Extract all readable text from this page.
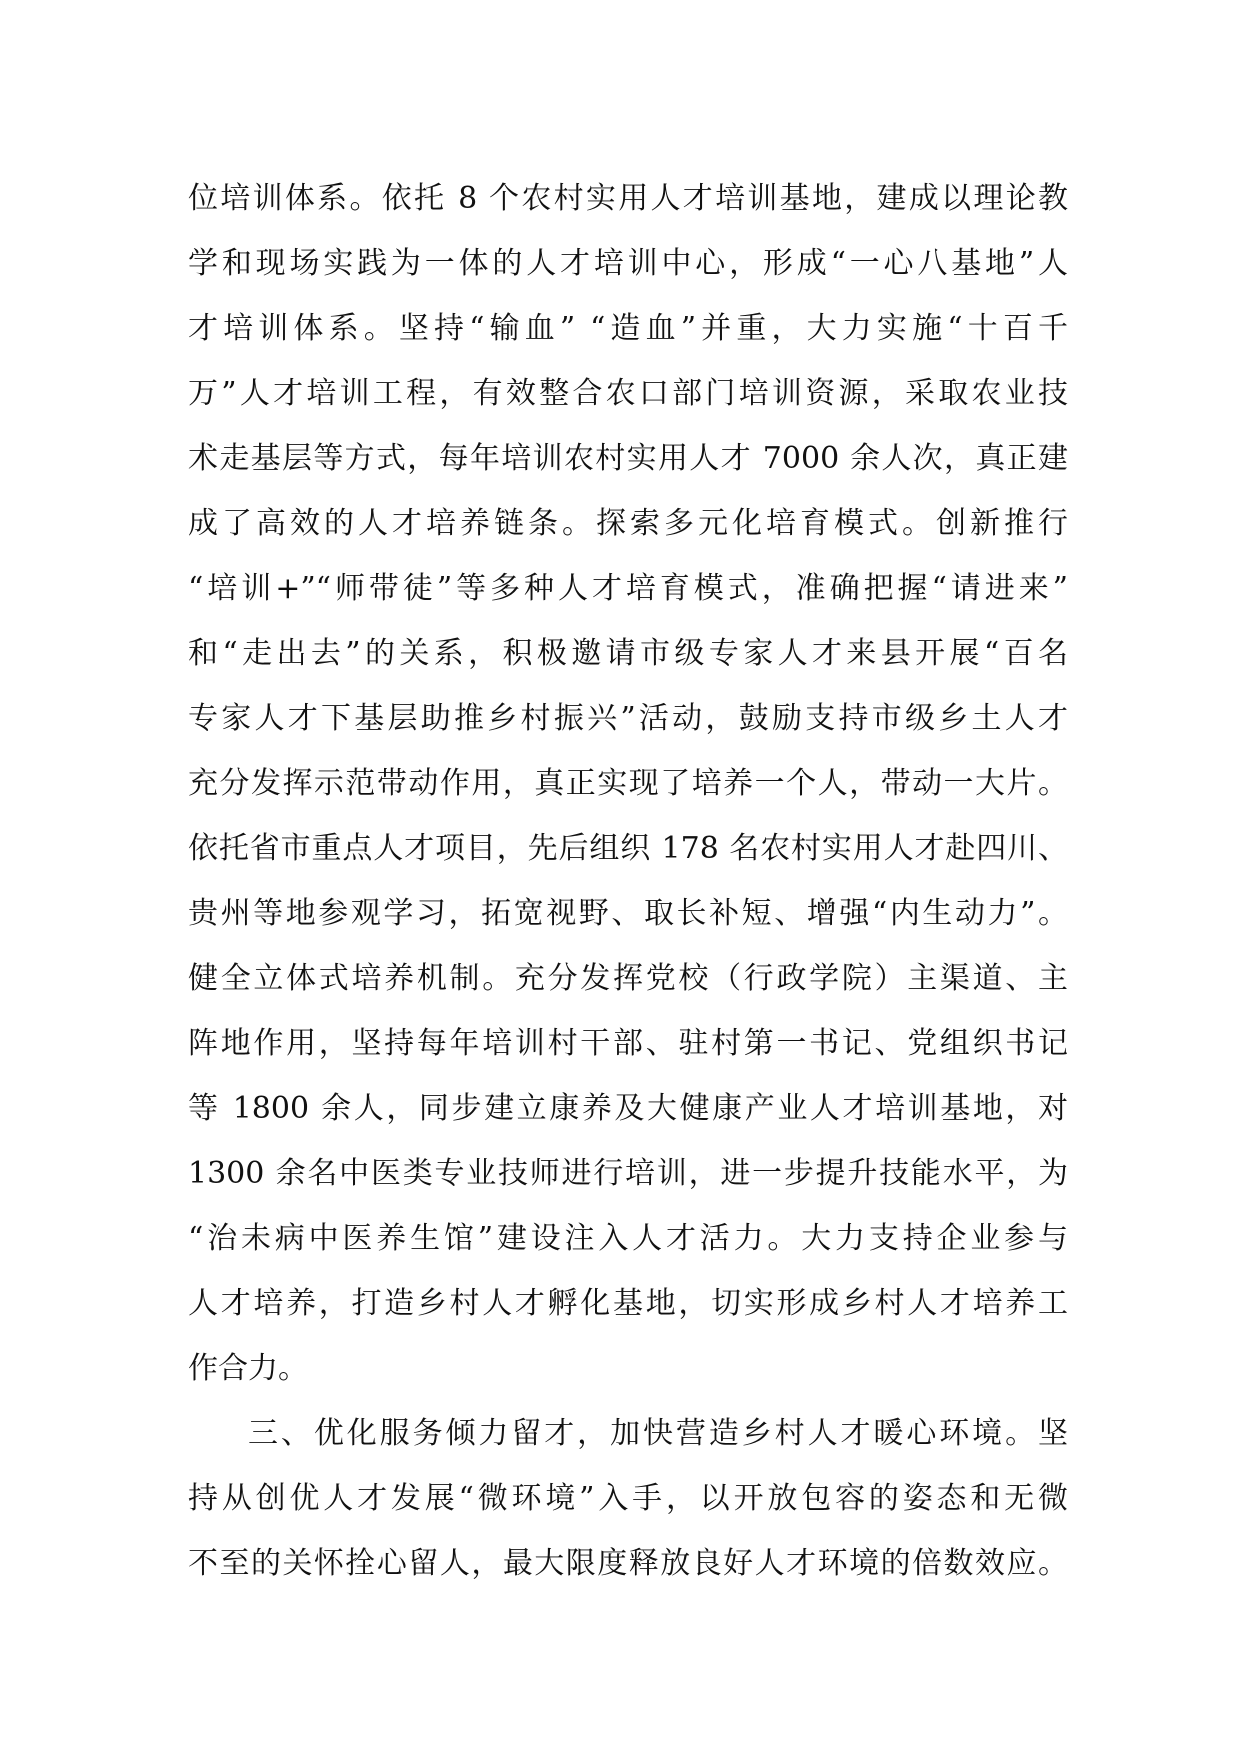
位培训体系。依托 8 个农村实用人才培训基地，建成以理论教
学和现场实践为一体的人才培训中心，形成“一心八基地”人
才培训体系。坚持“输血” “造血”并重，大力实施“十百千
万”人才培训工程，有效整合农口部门培训资源，采取农业技
术走基层等方式，每年培训农村实用人才 7000 余人次，真正建
成了高效的人才培养链条。探索多元化培育模式。创新推行
“培训+”“师带徒”等多种人才培育模式，准确把握“请进来”
和“走出去”的关系，积极邀请市级专家人才来县开展“百名
专家人才下基层助推乡村振兴”活动，鼓励支持市级乡土人才
充分发挥示范带动作用，真正实现了培养一个人，带动一大片。
依托省市重点人才项目，先后组织 178 名农村实用人才赴四川、
贵州等地参观学习，拓宽视野、取长补短、增强“内生动力”。
健全立体式培养机制。充分发挥党校（行政学院）主渠道、主
阵地作用，坚持每年培训村干部、驻村第一书记、党组织书记
等 1800 余人，同步建立康养及大健康产业人才培训基地，对
1300 余名中医类专业技师进行培训，进一步提升技能水平，为
“治未病中医养生馆”建设注入人才活力。大力支持企业参与
人才培养，打造乡村人才孵化基地，切实形成乡村人才培养工
作合力。
三、优化服务倾力留才，加快营造乡村人才暖心环境。坚
持从创优人才发展“微环境”入手，以开放包容的姿态和无微
不至的关怀拴心留人，最大限度释放良好人才环境的倍数效应。
